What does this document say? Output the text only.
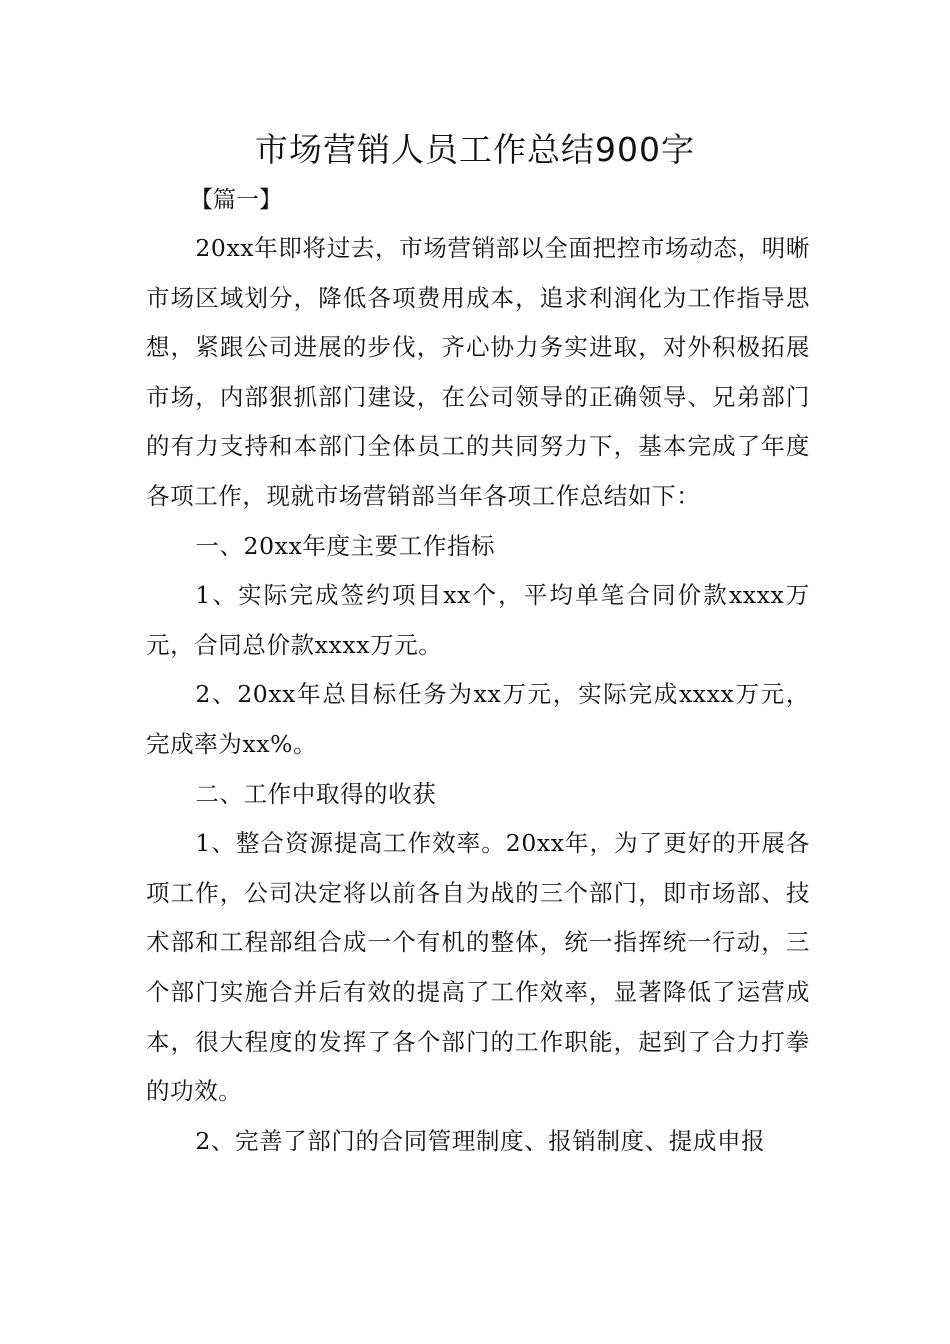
市场营销人员工作总结900字
【篇一】

20xx年即将过去，市场营销部以全面把控市场动态，明晰市场区域划分，降低各项费用成本，追求利润化为工作指导思想，紧跟公司进展的步伐，齐心协力务实进取，对外积极拓展市场，内部狠抓部门建设，在公司领导的正确领导、兄弟部门的有力支持和本部门全体员工的共同努力下，基本完成了年度各项工作，现就市场营销部当年各项工作总结如下：

一、20xx年度主要工作指标

1、实际完成签约项目xx个，平均单笔合同价款xxxx万元，合同总价款xxxx万元。

2、20xx年总目标任务为xx万元，实际完成xxxx万元，完成率为xx%。

二、工作中取得的收获

1、整合资源提高工作效率。20xx年，为了更好的开展各项工作，公司决定将以前各自为战的三个部门，即市场部、技术部和工程部组合成一个有机的整体，统一指挥统一行动，三个部门实施合并后有效的提高了工作效率，显著降低了运营成本，很大程度的发挥了各个部门的工作职能，起到了合力打拳的功效。

2、完善了部门的合同管理制度、报销制度、提成申报
